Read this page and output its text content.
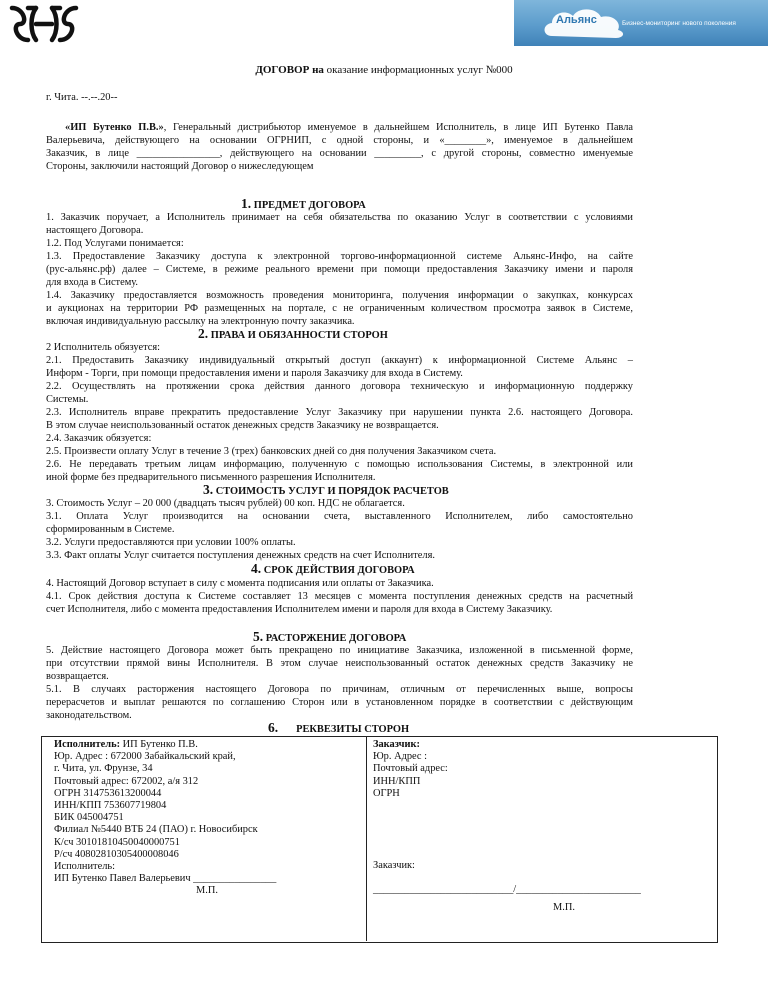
Альянс	Бизнес-мониторинг нового поколения
ДОГОВОР на оказание информационных услуг №000
г. Чита. --.--.20--
«ИП Бутенко П.В.», Генеральный дистрибьютор именуемое в дальнейшем Исполнитель, в лице ИП Бутенко Павла
Валерьевича, действующего на основании ОГРНИП, с одной стороны, и «________», именуемое в дальнейшем
Заказчик, в лице ________________, действующего на основании _________, с другой стороны, совместно именуемые
Стороны, заключили настоящий Договор о нижеследующем
1. ПРЕДМЕТ ДОГОВОРА
1. Заказчик поручает, а Исполнитель принимает на себя обязательства по оказанию Услуг в соответствии с условиями
настоящего Договора.
1.2. Под Услугами понимается:
1.3. Предоставление Заказчику доступа к электронной торгово-информационной системе Альянс-Инфо, на сайте
(рус-альянс.рф) далее – Системе, в режиме реального времени при помощи предоставления Заказчику имени и пароля
для входа в Систему.
1.4. Заказчику предоставляется возможность проведения мониторинга, получения информации о закупках, конкурсах
и аукционах на территории РФ размещенных на портале, с не ограниченным количеством просмотра заявок в Системе,
включая индивидуальную рассылку на электронную почту заказчика.
2. ПРАВА И ОБЯЗАННОСТИ СТОРОН
2 Исполнитель обязуется:
2.1. Предоставить Заказчику индивидуальный открытый доступ (аккаунт) к информационной Системе Альянс –
Информ - Торги, при помощи предоставления имени и пароля Заказчику для входа в Систему.
2.2. Осуществлять на протяжении срока действия данного договора техническую и информационную поддержку
Системы.
2.3. Исполнитель вправе прекратить предоставление Услуг Заказчику при нарушении пункта 2.6. настоящего Договора.
В этом случае неиспользованный остаток денежных средств Заказчику не возвращается.
2.4. Заказчик обязуется:
2.5. Произвести оплату Услуг в течение 3 (трех) банковских дней со дня получения Заказчиком счета.
2.6. Не передавать третьим лицам информацию, полученную с помощью использования Системы, в электронной или
иной форме без предварительного письменного разрешения Исполнителя.
3. СТОИМОСТЬ УСЛУГ И ПОРЯДОК РАСЧЕТОВ
3. Стоимость Услуг – 20 000 (двадцать тысяч рублей) 00 коп. НДС не облагается.
3.1. Оплата Услуг производится на основании счета, выставленного Исполнителем, либо самостоятельно
сформированным в Системе.
3.2. Услуги предоставляются при условии 100% оплаты.
3.3. Факт оплаты Услуг считается поступления денежных средств на счет Исполнителя.
4. СРОК ДЕЙСТВИЯ ДОГОВОРА
4. Настоящий Договор вступает в силу с момента подписания или оплаты от Заказчика.
4.1. Срок действия доступа к Системе составляет 13 месяцев с момента поступления денежных средств на расчетный
счет Исполнителя, либо с момента предоставления Исполнителем имени и пароля для входа в Систему Заказчику.
5. РАСТОРЖЕНИЕ ДОГОВОРА
5. Действие настоящего Договора может быть прекращено по инициативе Заказчика, изложенной в письменной форме,
при отсутствии прямой вины Исполнителя. В этом случае неиспользованный остаток денежных средств Заказчику не
возвращается.
5.1. В случаях расторжения настоящего Договора по причинам, отличным от перечисленных выше, вопросы
перерасчетов и выплат решаются по соглашению Сторон или в установленном порядке в соответствии с действующим
законодательством.
6. РЕКВЕЗИТЫ СТОРОН
Исполнитель: ИП Бутенко П.В.
Юр. Адрес : 672000 Забайкальский край,
г. Чита, ул. Фрунзе, 34
Почтовый адрес: 672002, а/я 312
ОГРН 314753613200044
ИНН/КПП 753607719804
БИК 045004751
Филиал №5440 ВТБ 24 (ПАО) г. Новосибирск
К/сч 30101810450040000751
Р/сч 40802810305400008046
Исполнитель:
ИП Бутенко Павел Валерьевич ________________
М.П.
Заказчик:
Юр. Адрес :
Почтовый адрес:
ИНН/КПП
ОГРН
Заказчик:
___________________________/________________________
М.П.
